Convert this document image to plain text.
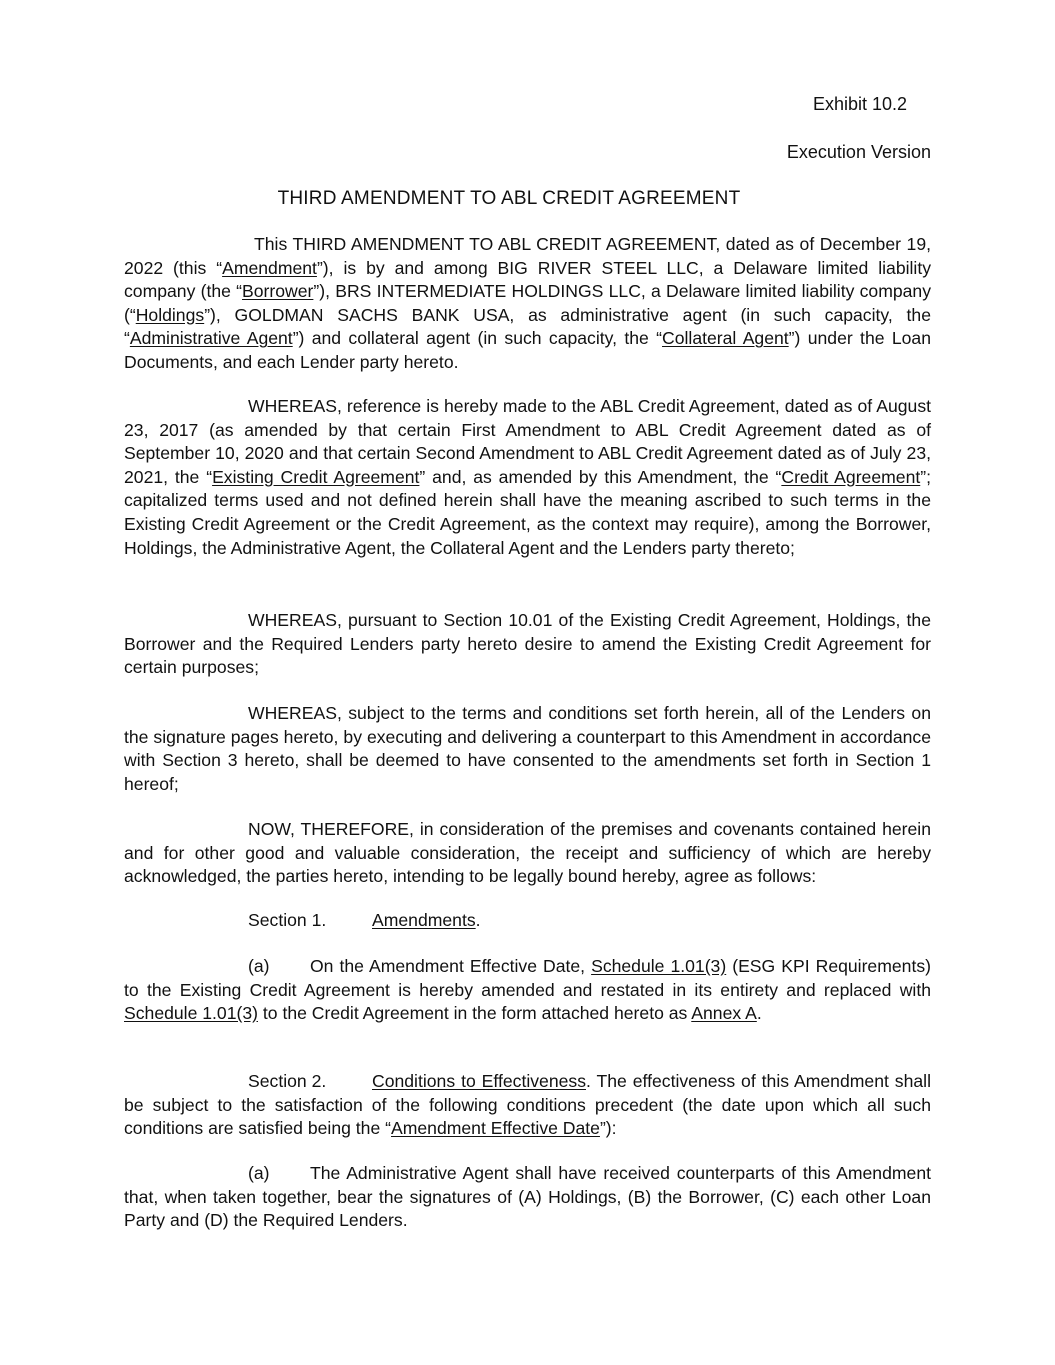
Exhibit 10.2
Execution Version
THIRD AMENDMENT TO ABL CREDIT AGREEMENT

This THIRD AMENDMENT TO ABL CREDIT AGREEMENT, dated as of December 19, 2022 (this “Amendment”), is by and among BIG RIVER STEEL LLC, a Delaware limited liability company (the “Borrower”), BRS INTERMEDIATE HOLDINGS LLC, a Delaware limited liability company (“Holdings”), GOLDMAN SACHS BANK USA, as administrative agent (in such capacity, the “Administrative Agent”) and collateral agent (in such capacity, the “Collateral Agent”) under the Loan Documents, and each Lender party hereto.

WHEREAS, reference is hereby made to the ABL Credit Agreement, dated as of August 23, 2017 (as amended by that certain First Amendment to ABL Credit Agreement dated as of September 10, 2020 and that certain Second Amendment to ABL Credit Agreement dated as of July 23, 2021, the “Existing Credit Agreement” and, as amended by this Amendment, the “Credit Agreement”; capitalized terms used and not defined herein shall have the meaning ascribed to such terms in the Existing Credit Agreement or the Credit Agreement, as the context may require), among the Borrower, Holdings, the Administrative Agent, the Collateral Agent and the Lenders party thereto;

WHEREAS, pursuant to Section 10.01 of the Existing Credit Agreement, Holdings, the Borrower and the Required Lenders party hereto desire to amend the Existing Credit Agreement for certain purposes;

WHEREAS, subject to the terms and conditions set forth herein, all of the Lenders on the signature pages hereto, by executing and delivering a counterpart to this Amendment in accordance with Section 3 hereto, shall be deemed to have consented to the amendments set forth in Section 1 hereof;

NOW, THEREFORE, in consideration of the premises and covenants contained herein and for other good and valuable consideration, the receipt and sufficiency of which are hereby acknowledged, the parties hereto, intending to be legally bound hereby, agree as follows:

Section 1.	Amendments.

(a) On the Amendment Effective Date, Schedule 1.01(3) (ESG KPI Requirements) to the Existing Credit Agreement is hereby amended and restated in its entirety and replaced with Schedule 1.01(3) to the Credit Agreement in the form attached hereto as Annex A.

Section 2.	Conditions to Effectiveness. The effectiveness of this Amendment shall be subject to the satisfaction of the following conditions precedent (the date upon which all such conditions are satisfied being the “Amendment Effective Date”):

(a) The Administrative Agent shall have received counterparts of this Amendment that, when taken together, bear the signatures of (A) Holdings, (B) the Borrower, (C) each other Loan Party and (D) the Required Lenders.
